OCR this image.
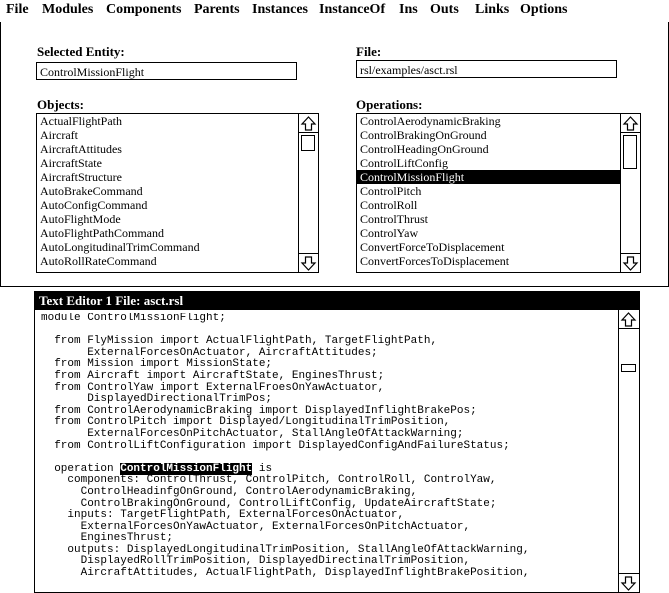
File Modules Components Parents Instances InstanceOf Ins Outs Links Options
Selected Entity:
ControlMissionFlight
File:
rsl/examples/asct.rsl
Objects:
ActualFlightPath
Aircraft
AircraftAttitudes
AircraftState
AircraftStructure
AutoBrakeCommand
AutoConfigCommand
AutoFlightMode
AutoFlightPathCommand
AutoLongitudinalTrimCommand
AutoRollRateCommand
Operations:
ControlAerodynamicBraking
ControlBrakingOnGround
ControlHeadingOnGround
ControlLiftConfig
ControlMissionFlight
ControlPitch
ControlRoll
ControlThrust
ControlYaw
ConvertForceToDisplacement
ConvertForcesToDisplacement
Text Editor 1 File: asct.rsl
module ControlMissionFlight;

from FlyMission import ActualFlightPath, TargetFlightPath,
ExternalForcesOnActuator, AircraftAttitudes;
from Mission import MissionState;
from Aircraft import AircraftState, EnginesThrust;
from ControlYaw import ExternalFroesOnYawActuator,
DisplayedDirectionalTrimPos;
from ControlAerodynamicBraking import DisplayedInflightBrakePos;
from ControlPitch import Displayed/LongitudinalTrimPosition,
ExternalForcesOnPitchActuator, StallAngleOfAttackWarning;
from ControlLiftConfiguration import DisplayedConfigAndFailureStatus;

operation ControlMissionFlight is
components: ControlThrust, ControlPitch, ControlRoll, ControlYaw,
ControlHeadinfgOnGround, ControlAerodynamicBraking,
ControlBrakingOnGround, ControlLiftConfig, UpdateAircraftState;
inputs: TargetFlightPath, ExternalForcesOnActuator,
ExternalForcesOnYawActuator, ExternalForcesOnPitchActuator,
EnginesThrust;
outputs: DisplayedLongitudinalTrimPosition, StallAngleOfAttackWarning,
DisplayedRollTrimPosition, DisplayedDirectinalTrimPosition,
AircraftAttitudes, ActualFlightPath, DisplayedInflightBrakePosition,
